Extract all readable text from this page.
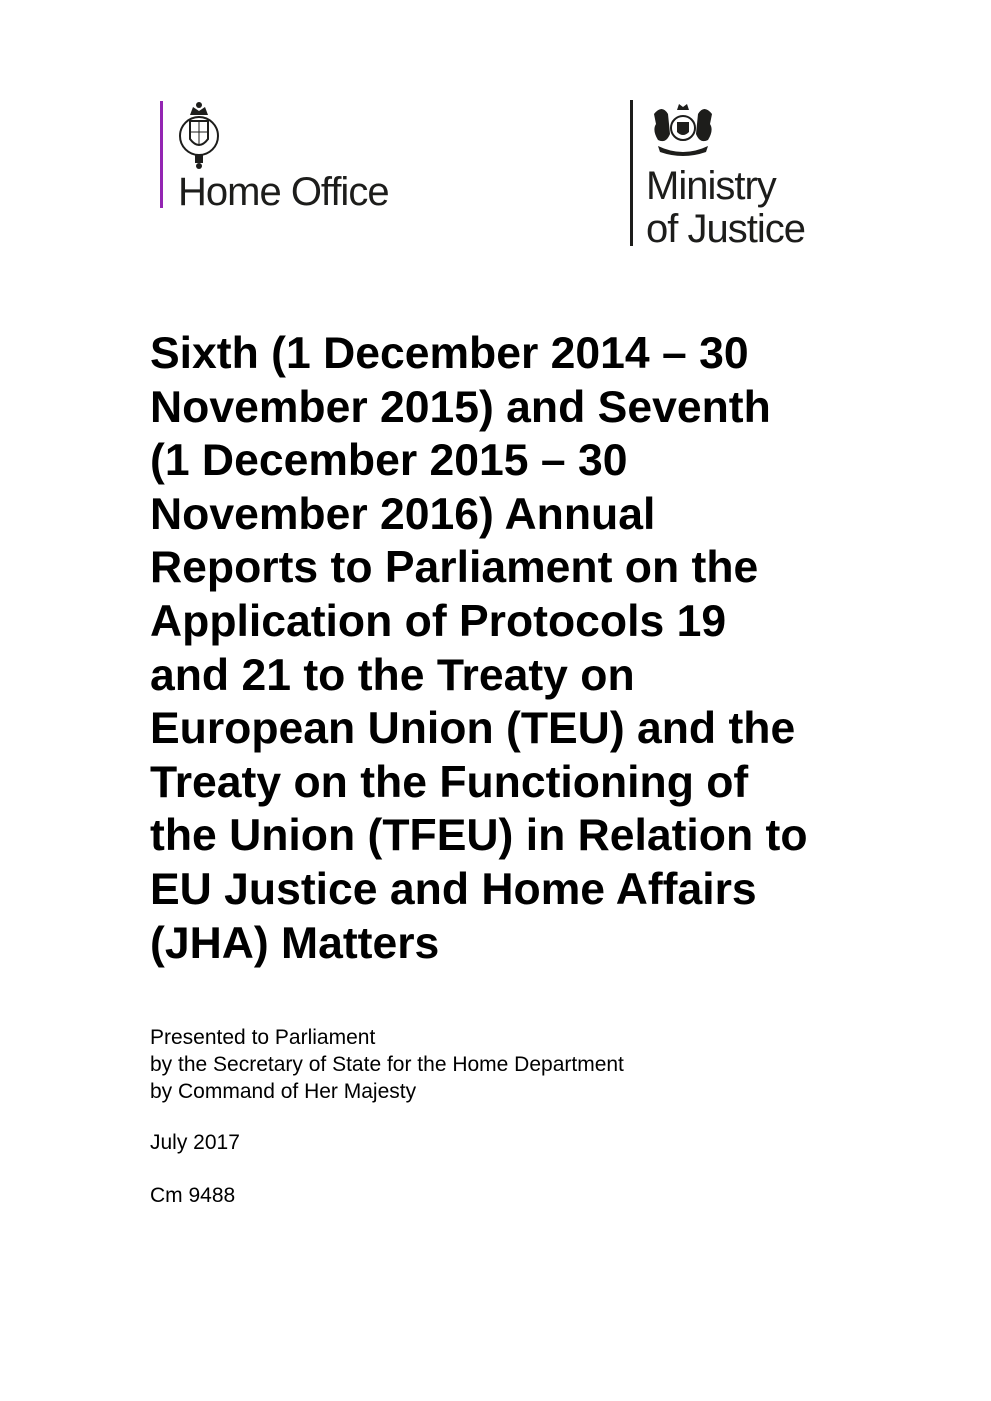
Home Office	Ministry
of Justice
Sixth (1 December 2014 – 30
November 2015) and Seventh
(1 December 2015 – 30
November 2016) Annual
Reports to Parliament on the
Application of Protocols 19
and 21 to the Treaty on
European Union (TEU) and the
Treaty on the Functioning of
the Union (TFEU) in Relation to
EU Justice and Home Affairs
(JHA) Matters
Presented to Parliament
by the Secretary of State for the Home Department
by Command of Her Majesty
July 2017
Cm 9488
